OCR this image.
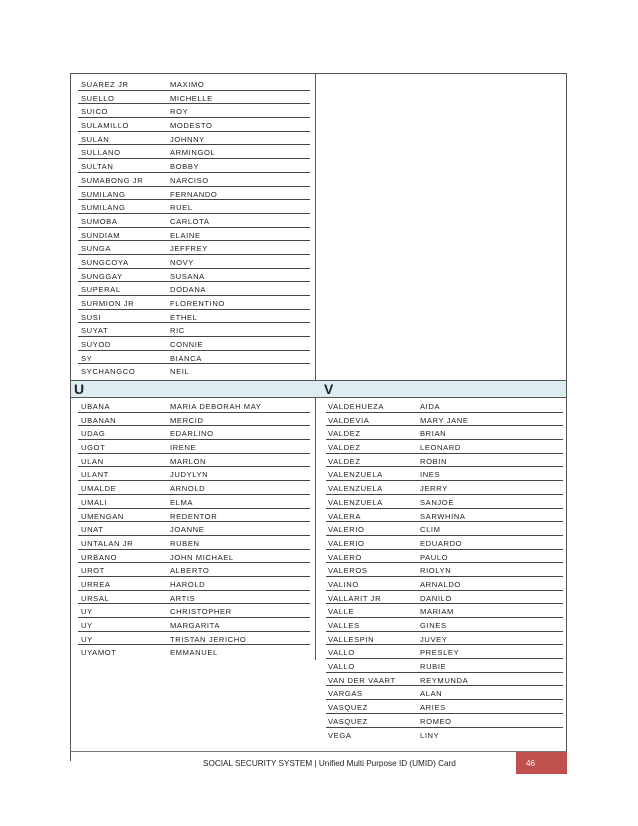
SUAREZ JR	MAXIMO
SUELLO	MICHELLE
SUICO	ROY
SULAMILLO	MODESTO
SULAN	JOHNNY
SULLANO	ARMINGOL
SULTAN	BOBBY
SUMABONG JR	NARCISO
SUMILANG	FERNANDO
SUMILANG	RUEL
SUMOBA	CARLOTA
SUNDIAM	ELAINE
SUNGA	JEFFREY
SUNGCOYA	NOVY
SUNGGAY	SUSANA
SUPERAL	DODANA
SURMION JR	FLORENTINO
SUSI	ETHEL
SUYAT	RIC
SUYOD	CONNIE
SY	BIANCA
SYCHANGCO	NEIL
U	V
UBANA	MARIA DEBORAH MAY
UBANAN	MERCID
UDAG	EDARLINO
UGOT	IRENE
ULAN	MARLON
ULANT	JUDYLYN
UMALDE	ARNOLD
UMALI	ELMA
UMENGAN	REDENTOR
UNAT	JOANNE
UNTALAN JR	RUBEN
URBANO	JOHN MICHAEL
UROT	ALBERTO
URREA	HAROLD
URSAL	ARTIS
UY	CHRISTOPHER
UY	MARGARITA
UY	TRISTAN JERICHO
UYAMOT	EMMANUEL
VALDEHUEZA	AIDA
VALDEVIA	MARY JANE
VALDEZ	BRIAN
VALDEZ	LEONARD
VALDEZ	ROBIN
VALENZUELA	INES
VALENZUELA	JERRY
VALENZUELA	SANJOE
VALERA	SARWHINA
VALERIO	CLIM
VALERIO	EDUARDO
VALERO	PAULO
VALEROS	RIOLYN
VALINO	ARNALDO
VALLARIT JR	DANILO
VALLE	MARIAM
VALLES	GINES
VALLESPIN	JUVEY
VALLO	PRESLEY
VALLO	RUBIE
VAN DER VAART	REYMUNDA
VARGAS	ALAN
VASQUEZ	ARIES
VASQUEZ	ROMEO
VEGA	LINY
SOCIAL SECURITY SYSTEM | Unified Multi Purpose ID (UMID) Card	46
